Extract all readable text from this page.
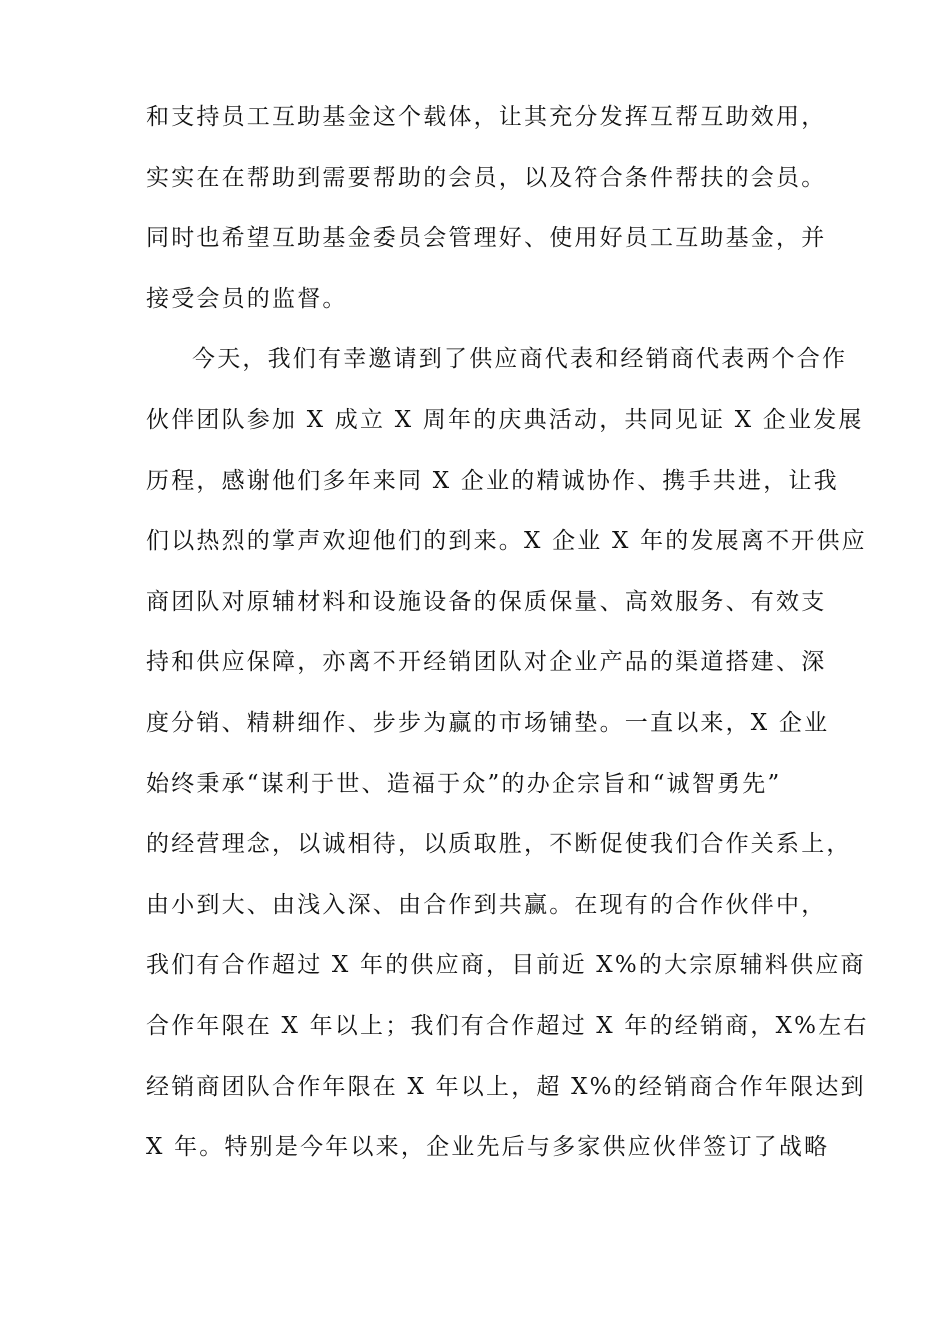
和支持员工互助基金这个载体，让其充分发挥互帮互助效用，
实实在在帮助到需要帮助的会员，以及符合条件帮扶的会员。
同时也希望互助基金委员会管理好、使用好员工互助基金，并
接受会员的监督。
今天，我们有幸邀请到了供应商代表和经销商代表两个合作
伙伴团队参加 X 成立 X 周年的庆典活动，共同见证 X 企业发展
历程，感谢他们多年来同 X 企业的精诚协作、携手共进，让我
们以热烈的掌声欢迎他们的到来。X 企业 X 年的发展离不开供应
商团队对原辅材料和设施设备的保质保量、高效服务、有效支
持和供应保障，亦离不开经销团队对企业产品的渠道搭建、深
度分销、精耕细作、步步为赢的市场铺垫。一直以来，X 企业
始终秉承“谋利于世、造福于众”的办企宗旨和“诚智勇先”
的经营理念，以诚相待，以质取胜，不断促使我们合作关系上，
由小到大、由浅入深、由合作到共赢。在现有的合作伙伴中，
我们有合作超过 X 年的供应商，目前近 X%的大宗原辅料供应商
合作年限在 X 年以上；我们有合作超过 X 年的经销商，X%左右
经销商团队合作年限在 X 年以上，超 X%的经销商合作年限达到
X 年。特别是今年以来，企业先后与多家供应伙伴签订了战略
